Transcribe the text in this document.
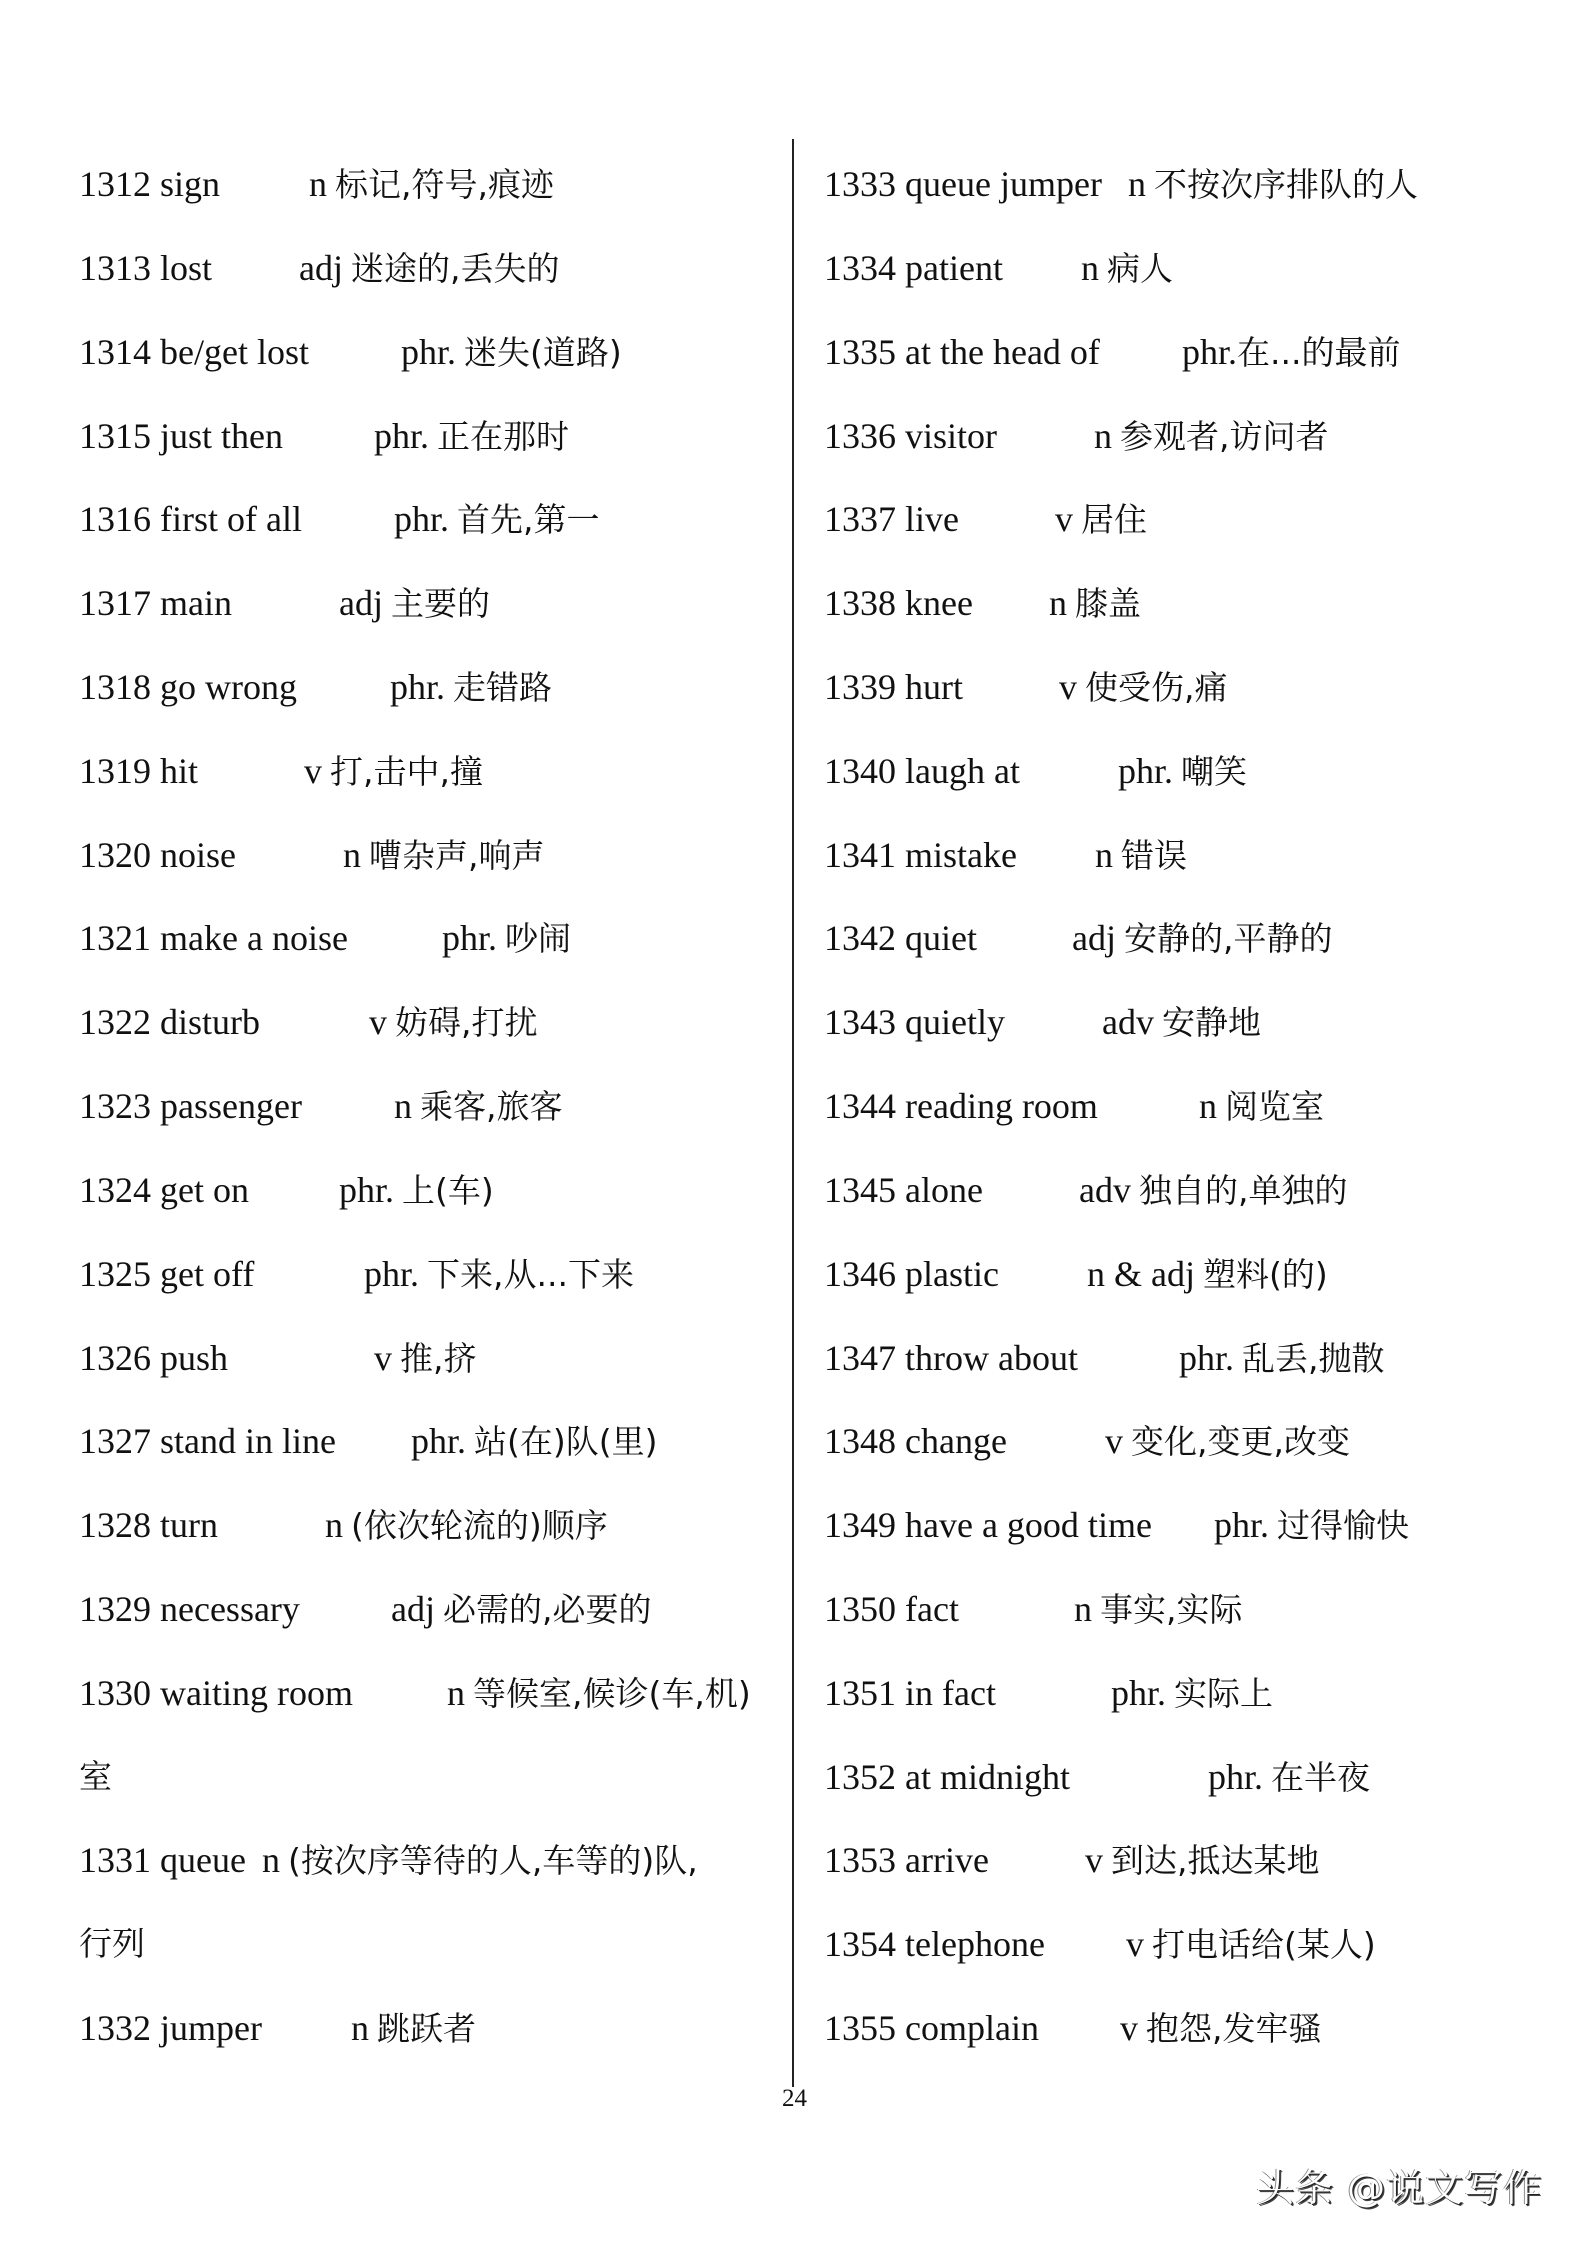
1312 sign n 标记,符号,痕迹
1313 lost adj 迷途的,丢失的
1314 be/get lost	phr. 迷失(道路)
1315 just then	phr. 正在那时
1316 first of all	phr. 首先,第一
1317 main	adj 主要的
1318 go wrong	phr. 走错路
1319 hit	v 打,击中,撞
1320 noise	n 嘈杂声,响声
1321 make a noise	phr. 吵闹
1322 disturb	v 妨碍,打扰
1323 passenger	n 乘客,旅客
1324 get on	phr. 上(车)
1325 get off	phr. 下来,从...下来
1326 push	v 推,挤
1327 stand in line phr. 站(在)队(里)
1328 turn	n (依次轮流的)顺序
1329 necessary	adj 必需的,必要的
1330 waiting room	n 等候室,候诊(车,机)
室
1331 queue n (按次序等待的人,车等的)队,
行列
1332 jumper n 跳跃者
1333 queue jumper n 不按次序排队的人
1334 patient n 病人
1335 at the head of phr.在...的最前
1336 visitor	n 参观者,访问者
1337 live	v 居住
1338 knee n 膝盖
1339 hurt	v 使受伤,痛
1340 laugh at	phr. 嘲笑
1341 mistake n 错误
1342 quiet	adj 安静的,平静的
1343 quietly	adv 安静地
1344 reading room	n 阅览室
1345 alone	adv 独自的,单独的
1346 plastic n & adj 塑料(的)
1347 throw about	phr. 乱丢,抛散
1348 change	v 变化,变更,改变
1349 have a good time phr. 过得愉快
1350 fact	n 事实,实际
1351 in fact	phr. 实际上
1352 at midnight	phr. 在半夜
1353 arrive	v 到达,抵达某地
1354 telephone v 打电话给(某人)
1355 complain v 抱怨,发牢骚
24
头条 @说文写作
